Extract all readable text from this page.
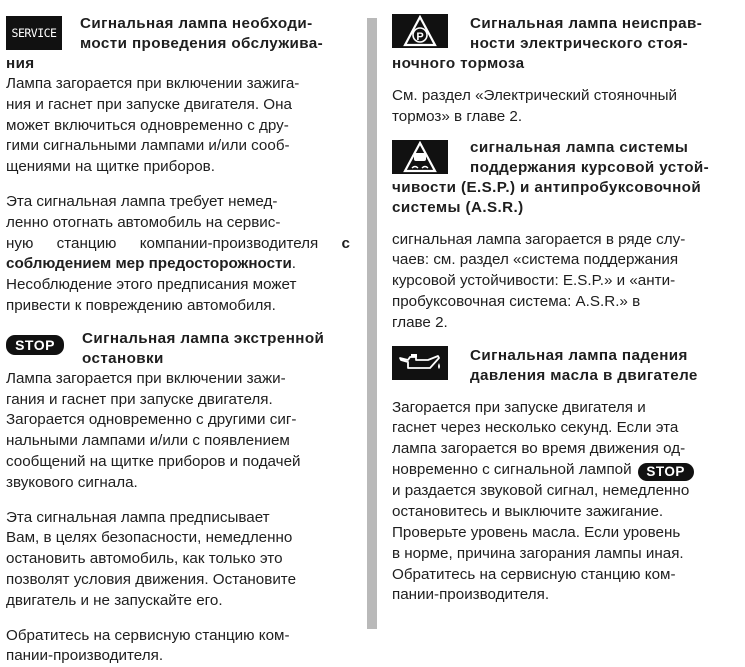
SERVICE
Сигнальная лампа необходи-
мости проведения обслужива-
ния
Лампа загорается при включении зажига-
ния и гаснет при запуске двигателя. Она
может включиться одновременно с дру-
гими сигнальными лампами и/или сооб-
щениями на щитке приборов.
Эта сигнальная лампа требует немед-
ленно отогнать автомобиль на сервис-
ную станцию компании-производителя с
соблюдением мер предосторожности.
Несоблюдение этого предписания может
привести к повреждению автомобиля.
STOP Сигнальная лампа экстренной
остановки
Лампа загорается при включении зажи-
гания и гаснет при запуске двигателя.
Загорается одновременно с другими сиг-
нальными лампами и/или с появлением
сообщений на щитке приборов и подачей
звукового сигнала.
Эта сигнальная лампа предписывает
Вам, в целях безопасности, немедленно
остановить автомобиль, как только это
позволят условия движения. Остановите
двигатель и не запускайте его.
Обратитесь на сервисную станцию ком-
пании-производителя.
P
Сигнальная лампа неисправ-
ности электрического стоя-
ночного тормоза
См. раздел «Электрический стояночный
тормоз» в главе 2.
сигнальная лампа системы
поддержания курсовой устой-
чивости (E.S.P.) и антипробуксовочной
системы (A.S.R.)
сигнальная лампа загорается в ряде слу-
чаев: см. раздел «система поддержания
курсовой устойчивости: E.S.P.» и «анти-
пробуксовочная система: A.S.R.» в
главе 2.
Сигнальная лампа падения
давления масла в двигателе
Загорается при запуске двигателя и
гаснет через несколько секунд. Если эта
лампа загорается во время движения од-
новременно с сигнальной лампой STOP
и раздается звуковой сигнал, немедленно
остановитесь и выключите зажигание.
Проверьте уровень масла. Если уровень
в норме, причина загорания лампы иная.
Обратитесь на сервисную станцию ком-
пании-производителя.
